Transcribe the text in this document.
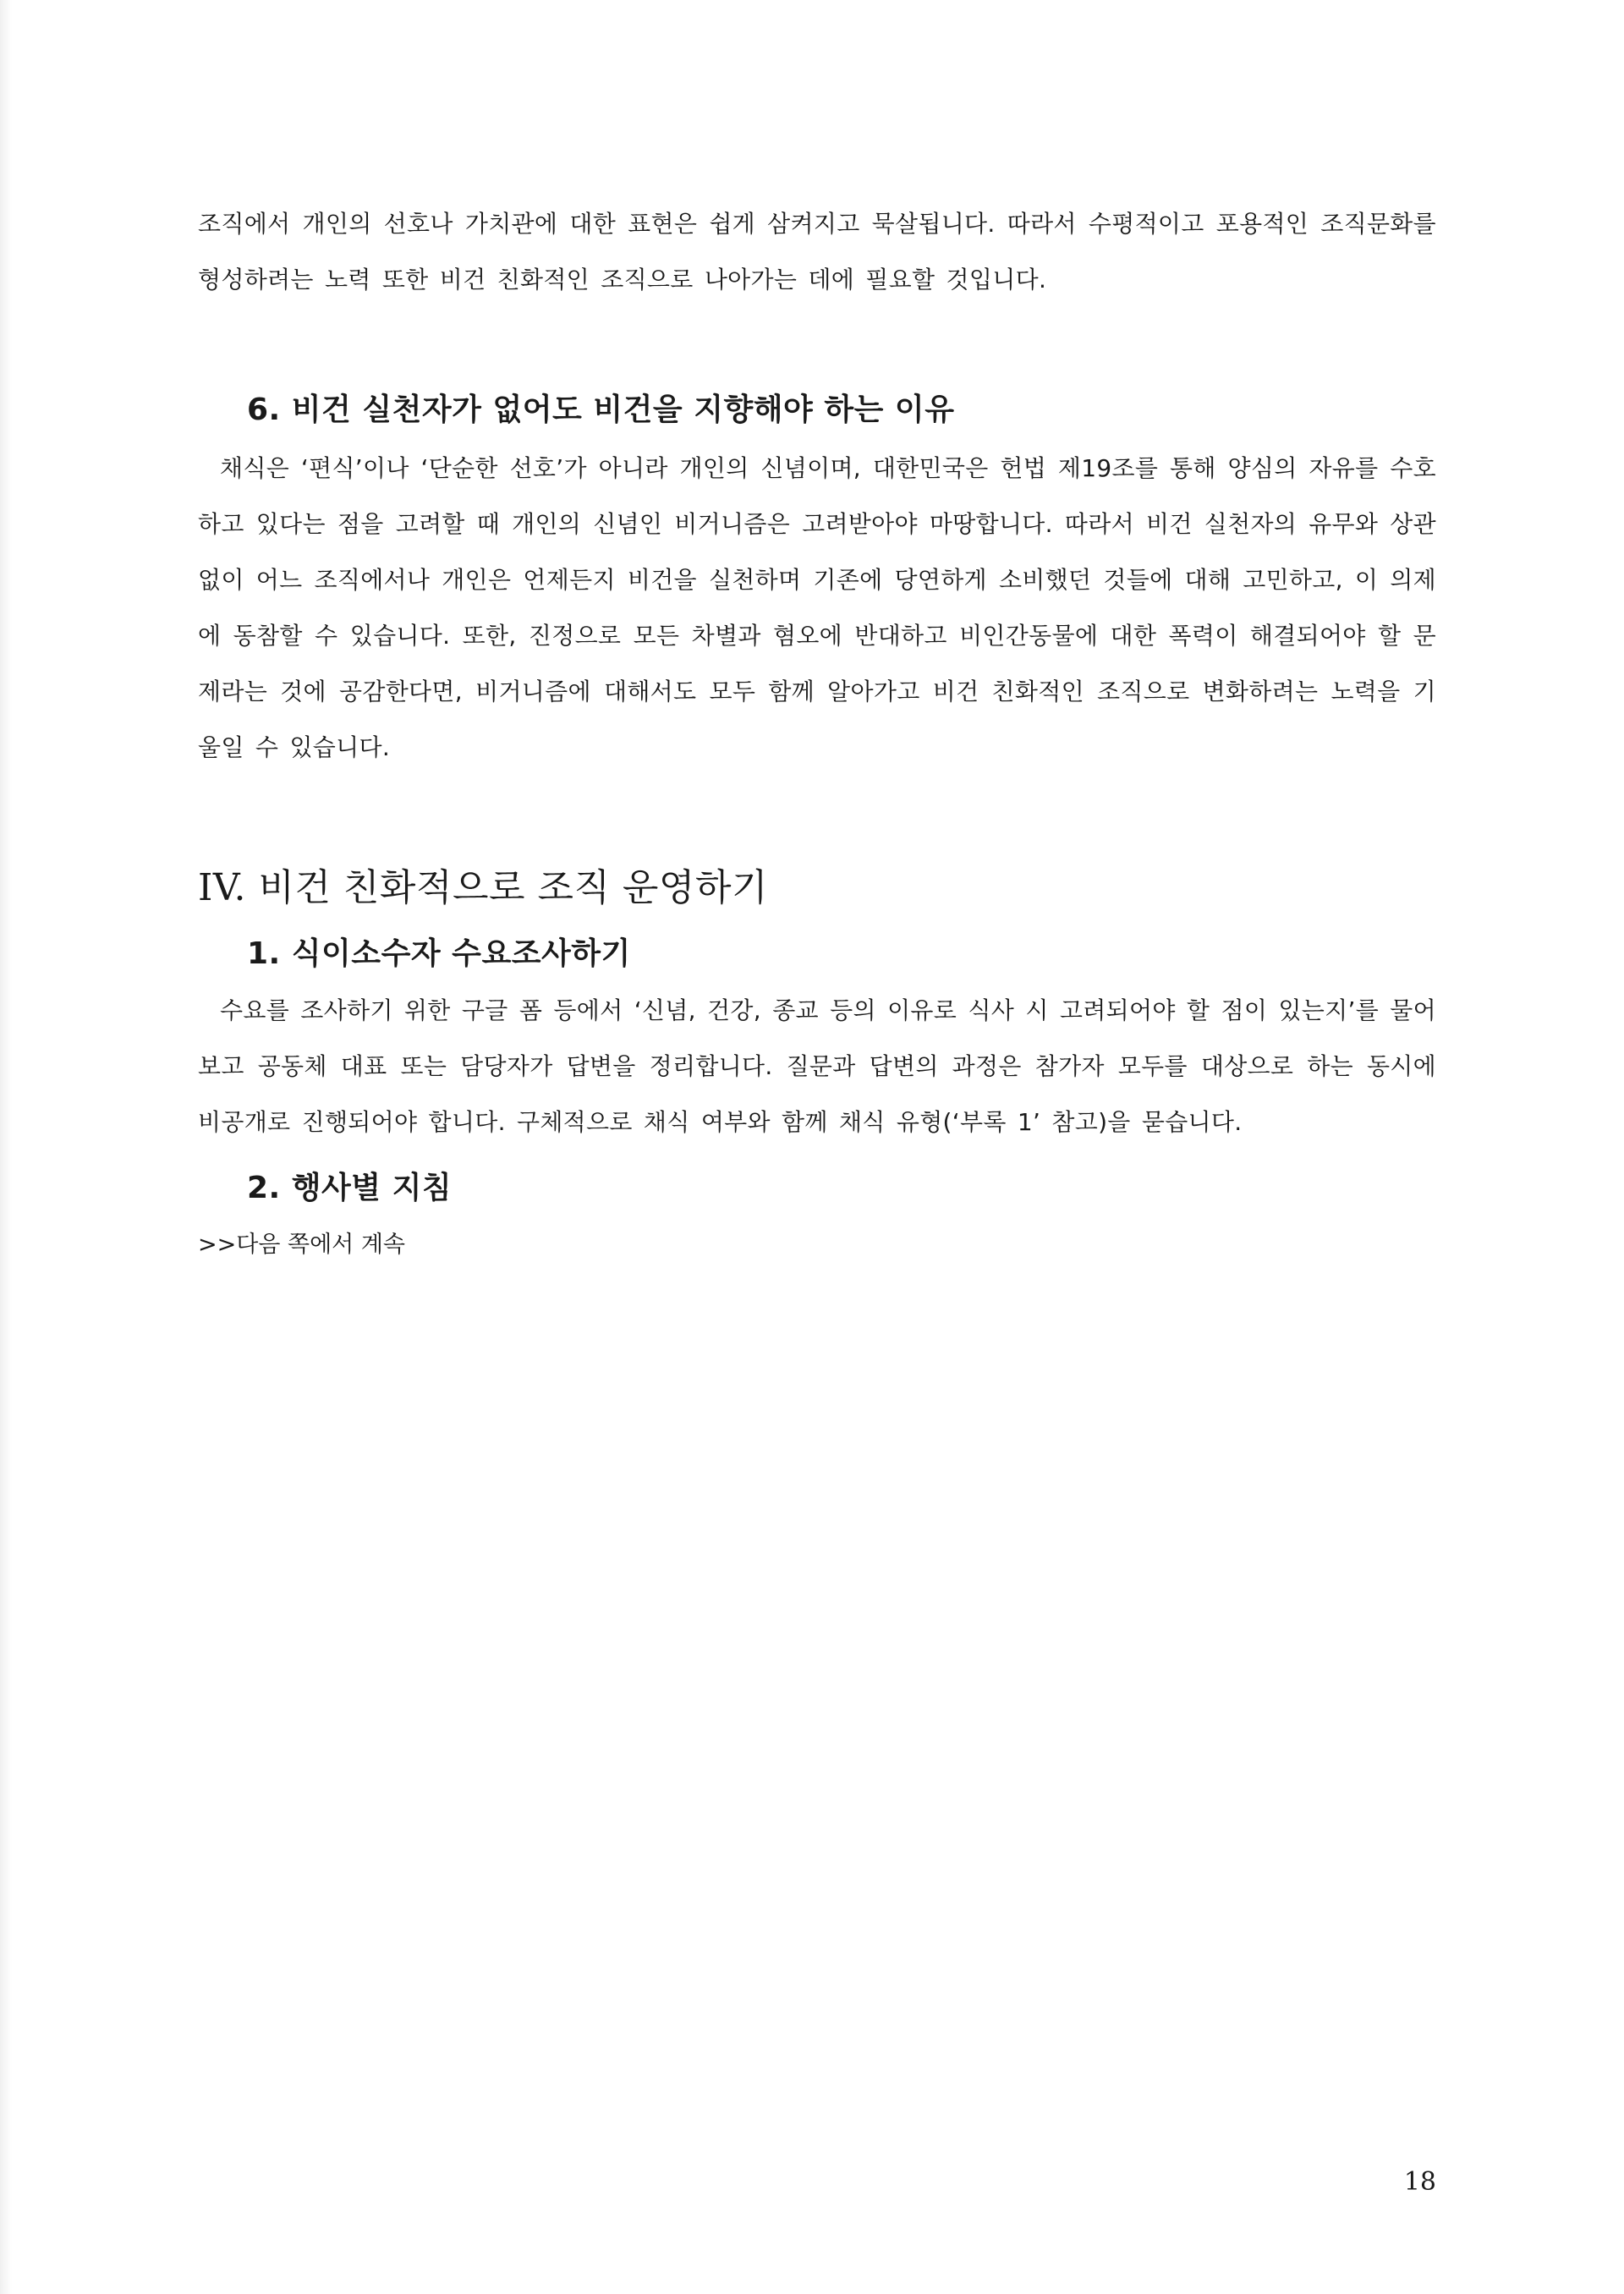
조직에서 개인의 선호나 가치관에 대한 표현은 쉽게 삼켜지고 묵살됩니다. 따라서 수평적이고 포용적인 조직문화를 형성하려는 노력 또한 비건 친화적인 조직으로 나아가는 데에 필요할 것입니다.

6. 비건 실천자가 없어도 비건을 지향해야 하는 이유

채식은 ‘편식’이나 ‘단순한 선호’가 아니라 개인의 신념이며, 대한민국은 헌법 제19조를 통해 양심의 자유를 수호하고 있다는 점을 고려할 때 개인의 신념인 비거니즘은 고려받아야 마땅합니다. 따라서 비건 실천자의 유무와 상관없이 어느 조직에서나 개인은 언제든지 비건을 실천하며 기존에 당연하게 소비했던 것들에 대해 고민하고, 이 의제에 동참할 수 있습니다. 또한, 진정으로 모든 차별과 혐오에 반대하고 비인간동물에 대한 폭력이 해결되어야 할 문제라는 것에 공감한다면, 비거니즘에 대해서도 모두 함께 알아가고 비건 친화적인 조직으로 변화하려는 노력을 기울일 수 있습니다.

IV. 비건 친화적으로 조직 운영하기
1. 식이소수자 수요조사하기

수요를 조사하기 위한 구글 폼 등에서 ‘신념, 건강, 종교 등의 이유로 식사 시 고려되어야 할 점이 있는지’를 물어보고 공동체 대표 또는 담당자가 답변을 정리합니다. 질문과 답변의 과정은 참가자 모두를 대상으로 하는 동시에 비공개로 진행되어야 합니다. 구체적으로 채식 여부와 함께 채식 유형(‘부록 1’ 참고)을 묻습니다.

2. 행사별 지침

>>다음 쪽에서 계속

18
